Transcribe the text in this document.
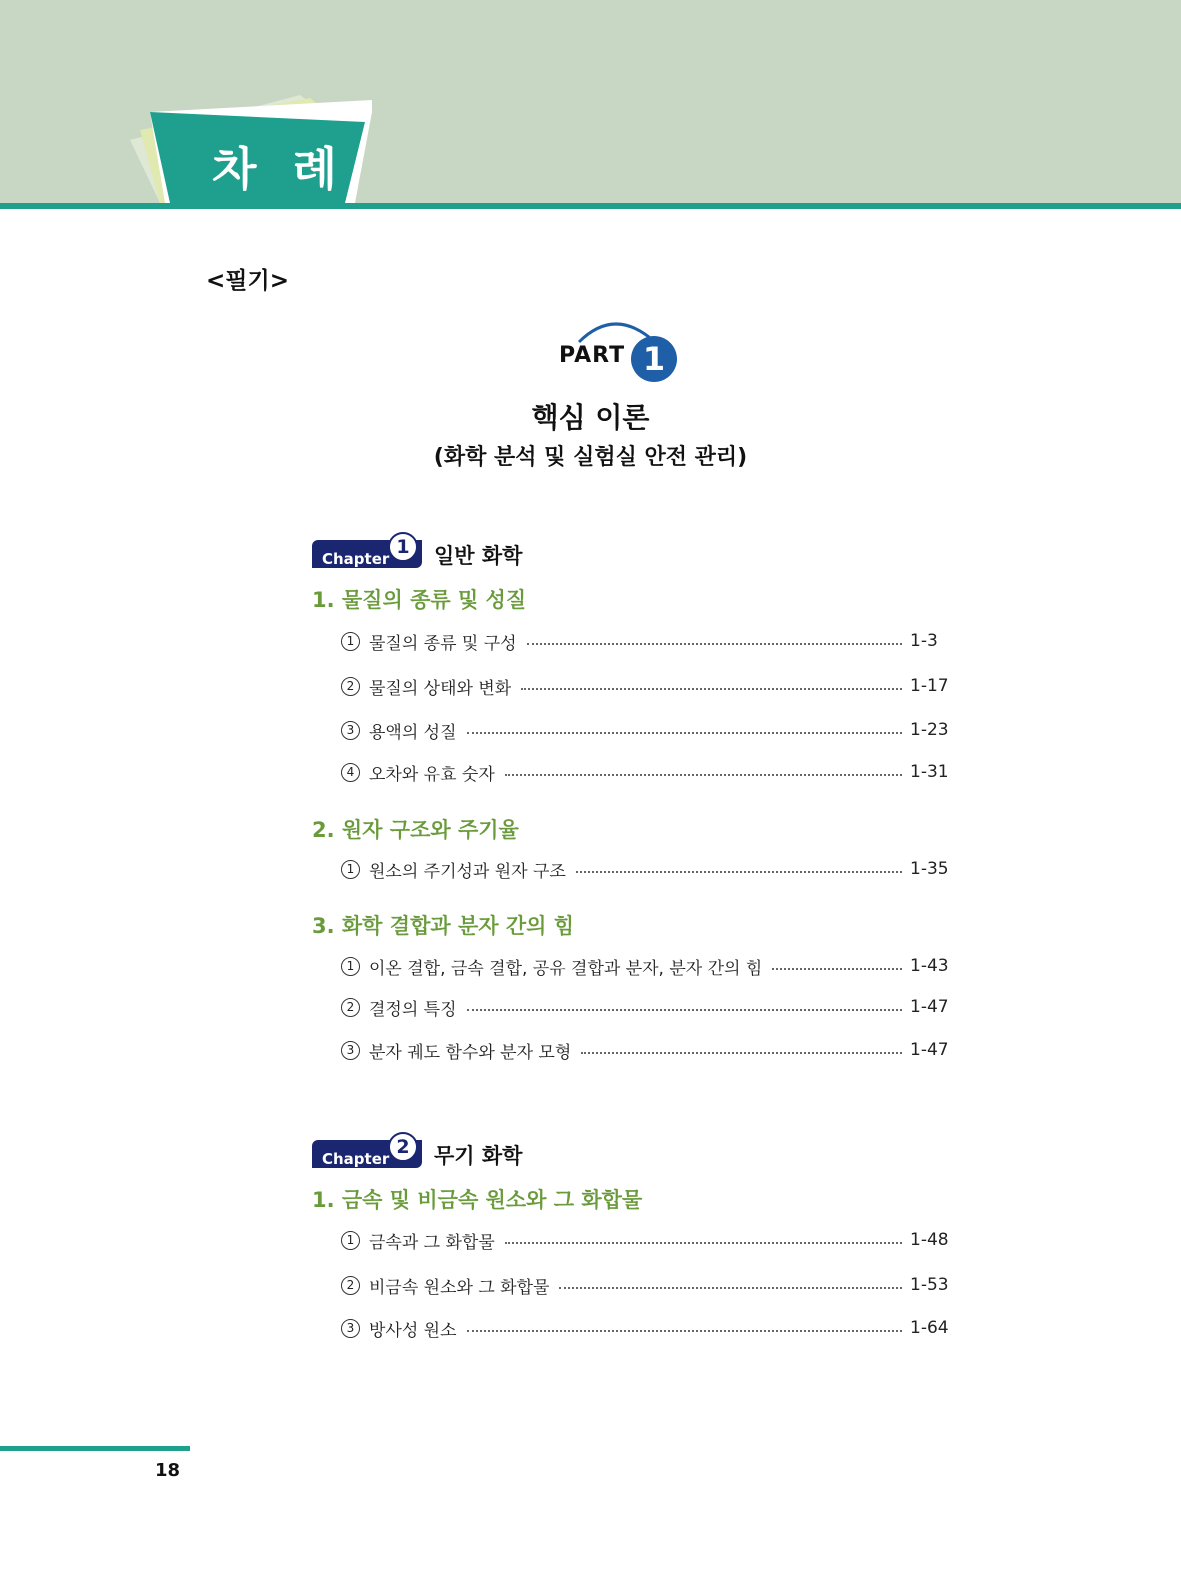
차 례
<필기>
PART 1
핵심 이론
(화학 분석 및 실험실 안전 관리)
Chapter
1	일반 화학
1. 물질의 종류 및 성질
1 물질의 종류 및 구성	1-3
2 물질의 상태와 변화	1-17
3 용액의 성질	1-23
4 오차와 유효 숫자	1-31
2. 원자 구조와 주기율
1 원소의 주기성과 원자 구조	1-35
3. 화학 결합과 분자 간의 힘
1 이온 결합, 금속 결합, 공유 결합과 분자, 분자 간의 힘	1-43
2 결정의 특징	1-47
3 분자 궤도 함수와 분자 모형	1-47
Chapter
2	무기 화학
1. 금속 및 비금속 원소와 그 화합물
1 금속과 그 화합물	1-48
2 비금속 원소와 그 화합물	1-53
3 방사성 원소	1-64
18
